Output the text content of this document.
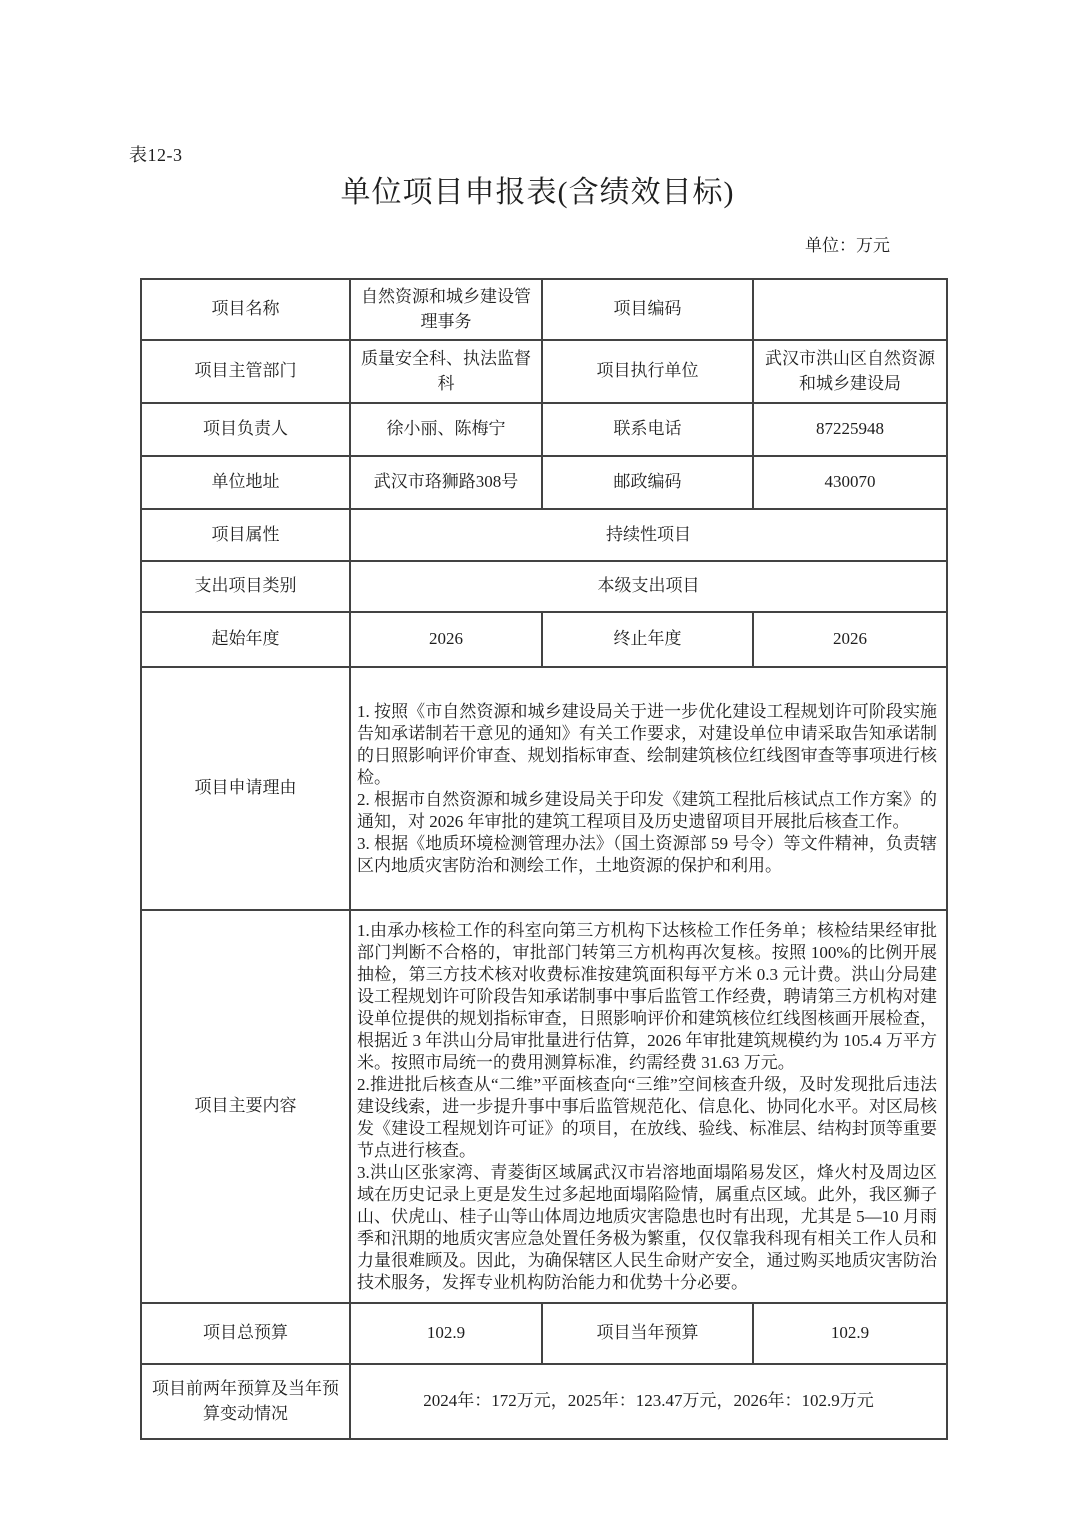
表12-3
单位项目申报表(含绩效目标)
单位：万元
项目名称	自然资源和城乡建设管理事务	项目编码	
项目主管部门	质量安全科、执法监督科	项目执行单位	武汉市洪山区自然资源和城乡建设局
项目负责人	徐小丽、陈梅宁	联系电话	87225948
单位地址	武汉市珞狮路308号	邮政编码	430070
项目属性	持续性项目		
支出项目类别	本级支出项目		
起始年度	2026	终止年度	2026
项目申请理由	1. 按照《市自然资源和城乡建设局关于进一步优化建设工程规划许可阶段实施告知承诺制若干意见的通知》有关工作要求，对建设单位申请采取告知承诺制的日照影响评价审查、规划指标审查、绘制建筑核位红线图审查等事项进行核检。
2. 根据市自然资源和城乡建设局关于印发《建筑工程批后核试点工作方案》的通知，对 2026 年审批的建筑工程项目及历史遗留项目开展批后核查工作。
3. 根据《地质环境检测管理办法》（国土资源部 59 号令）等文件精神，负责辖区内地质灾害防治和测绘工作，土地资源的保护和利用。		

项目主要内容	1.由承办核检工作的科室向第三方机构下达核检工作任务单；核检结果经审批部门判断不合格的，审批部门转第三方机构再次复核。按照 100%的比例开展抽检，第三方技术核对收费标准按建筑面积每平方米 0.3 元计费。洪山分局建设工程规划许可阶段告知承诺制事中事后监管工作经费，聘请第三方机构对建设单位提供的规划指标审查，日照影响评价和建筑核位红线图核画开展检查，根据近 3 年洪山分局审批量进行估算，2026 年审批建筑规模约为 105.4 万平方米。按照市局统一的费用测算标准，约需经费 31.63 万元。
2.推进批后核查从“二维”平面核查向“三维”空间核查升级，及时发现批后违法建设线索，进一步提升事中事后监管规范化、信息化、协同化水平。对区局核发《建设工程规划许可证》的项目，在放线、验线、标准层、结构封顶等重要节点进行核查。
3.洪山区张家湾、青菱街区域属武汉市岩溶地面塌陷易发区，烽火村及周边区域在历史记录上更是发生过多起地面塌陷险情，属重点区域。此外，我区狮子山、伏虎山、桂子山等山体周边地质灾害隐患也时有出现，尤其是 5—10 月雨季和汛期的地质灾害应急处置任务极为繁重，仅仅靠我科现有相关工作人员和力量很难顾及。因此，为确保辖区人民生命财产安全，通过购买地质灾害防治技术服务，发挥专业机构防治能力和优势十分必要。		

项目总预算	102.9	项目当年预算	102.9
项目前两年预算及当年预算变动情况	2024年：172万元，2025年：123.47万元，2026年：102.9万元		
